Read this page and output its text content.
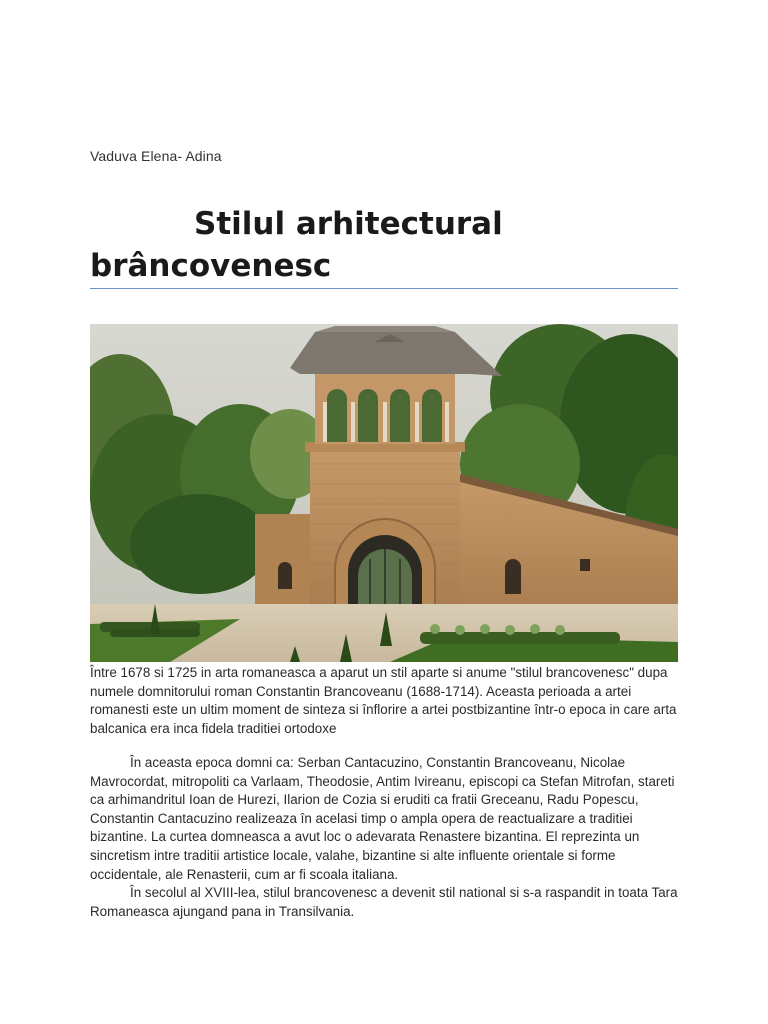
Vaduva Elena- Adina
Stilul arhitectural
brâncovenesc

Între 1678 si 1725 in arta romaneasca a aparut un stil aparte si anume "stilul brancovenesc" dupa numele domnitorului roman Constantin Brancoveanu (1688-1714). Aceasta perioada a artei romanesti este un ultim moment de sinteza si înflorire a artei postbizantine într-o epoca in care arta balcanica era inca fidela traditiei ortodoxe

În aceasta epoca domni ca: Serban Cantacuzino, Constantin Brancoveanu, Nicolae Mavrocordat, mitropoliti ca Varlaam, Theodosie, Antim Ivireanu, episcopi ca Stefan Mitrofan, stareti ca arhimandritul Ioan de Hurezi, Ilarion de Cozia si eruditi ca fratii Greceanu, Radu Popescu, Constantin Cantacuzino realizeaza în acelasi timp o ampla opera de reactualizare a traditiei bizantine. La curtea domneasca a avut loc o adevarata Renastere bizantina. El reprezinta un sincretism intre traditii artistice locale, valahe, bizantine si alte influente orientale si forme occidentale, ale Renasterii, cum ar fi scoala italiana.

În secolul al XVIII-lea, stilul brancovenesc a devenit stil national si s-a raspandit in toata Tara Romaneasca ajungand pana in Transilvania.
